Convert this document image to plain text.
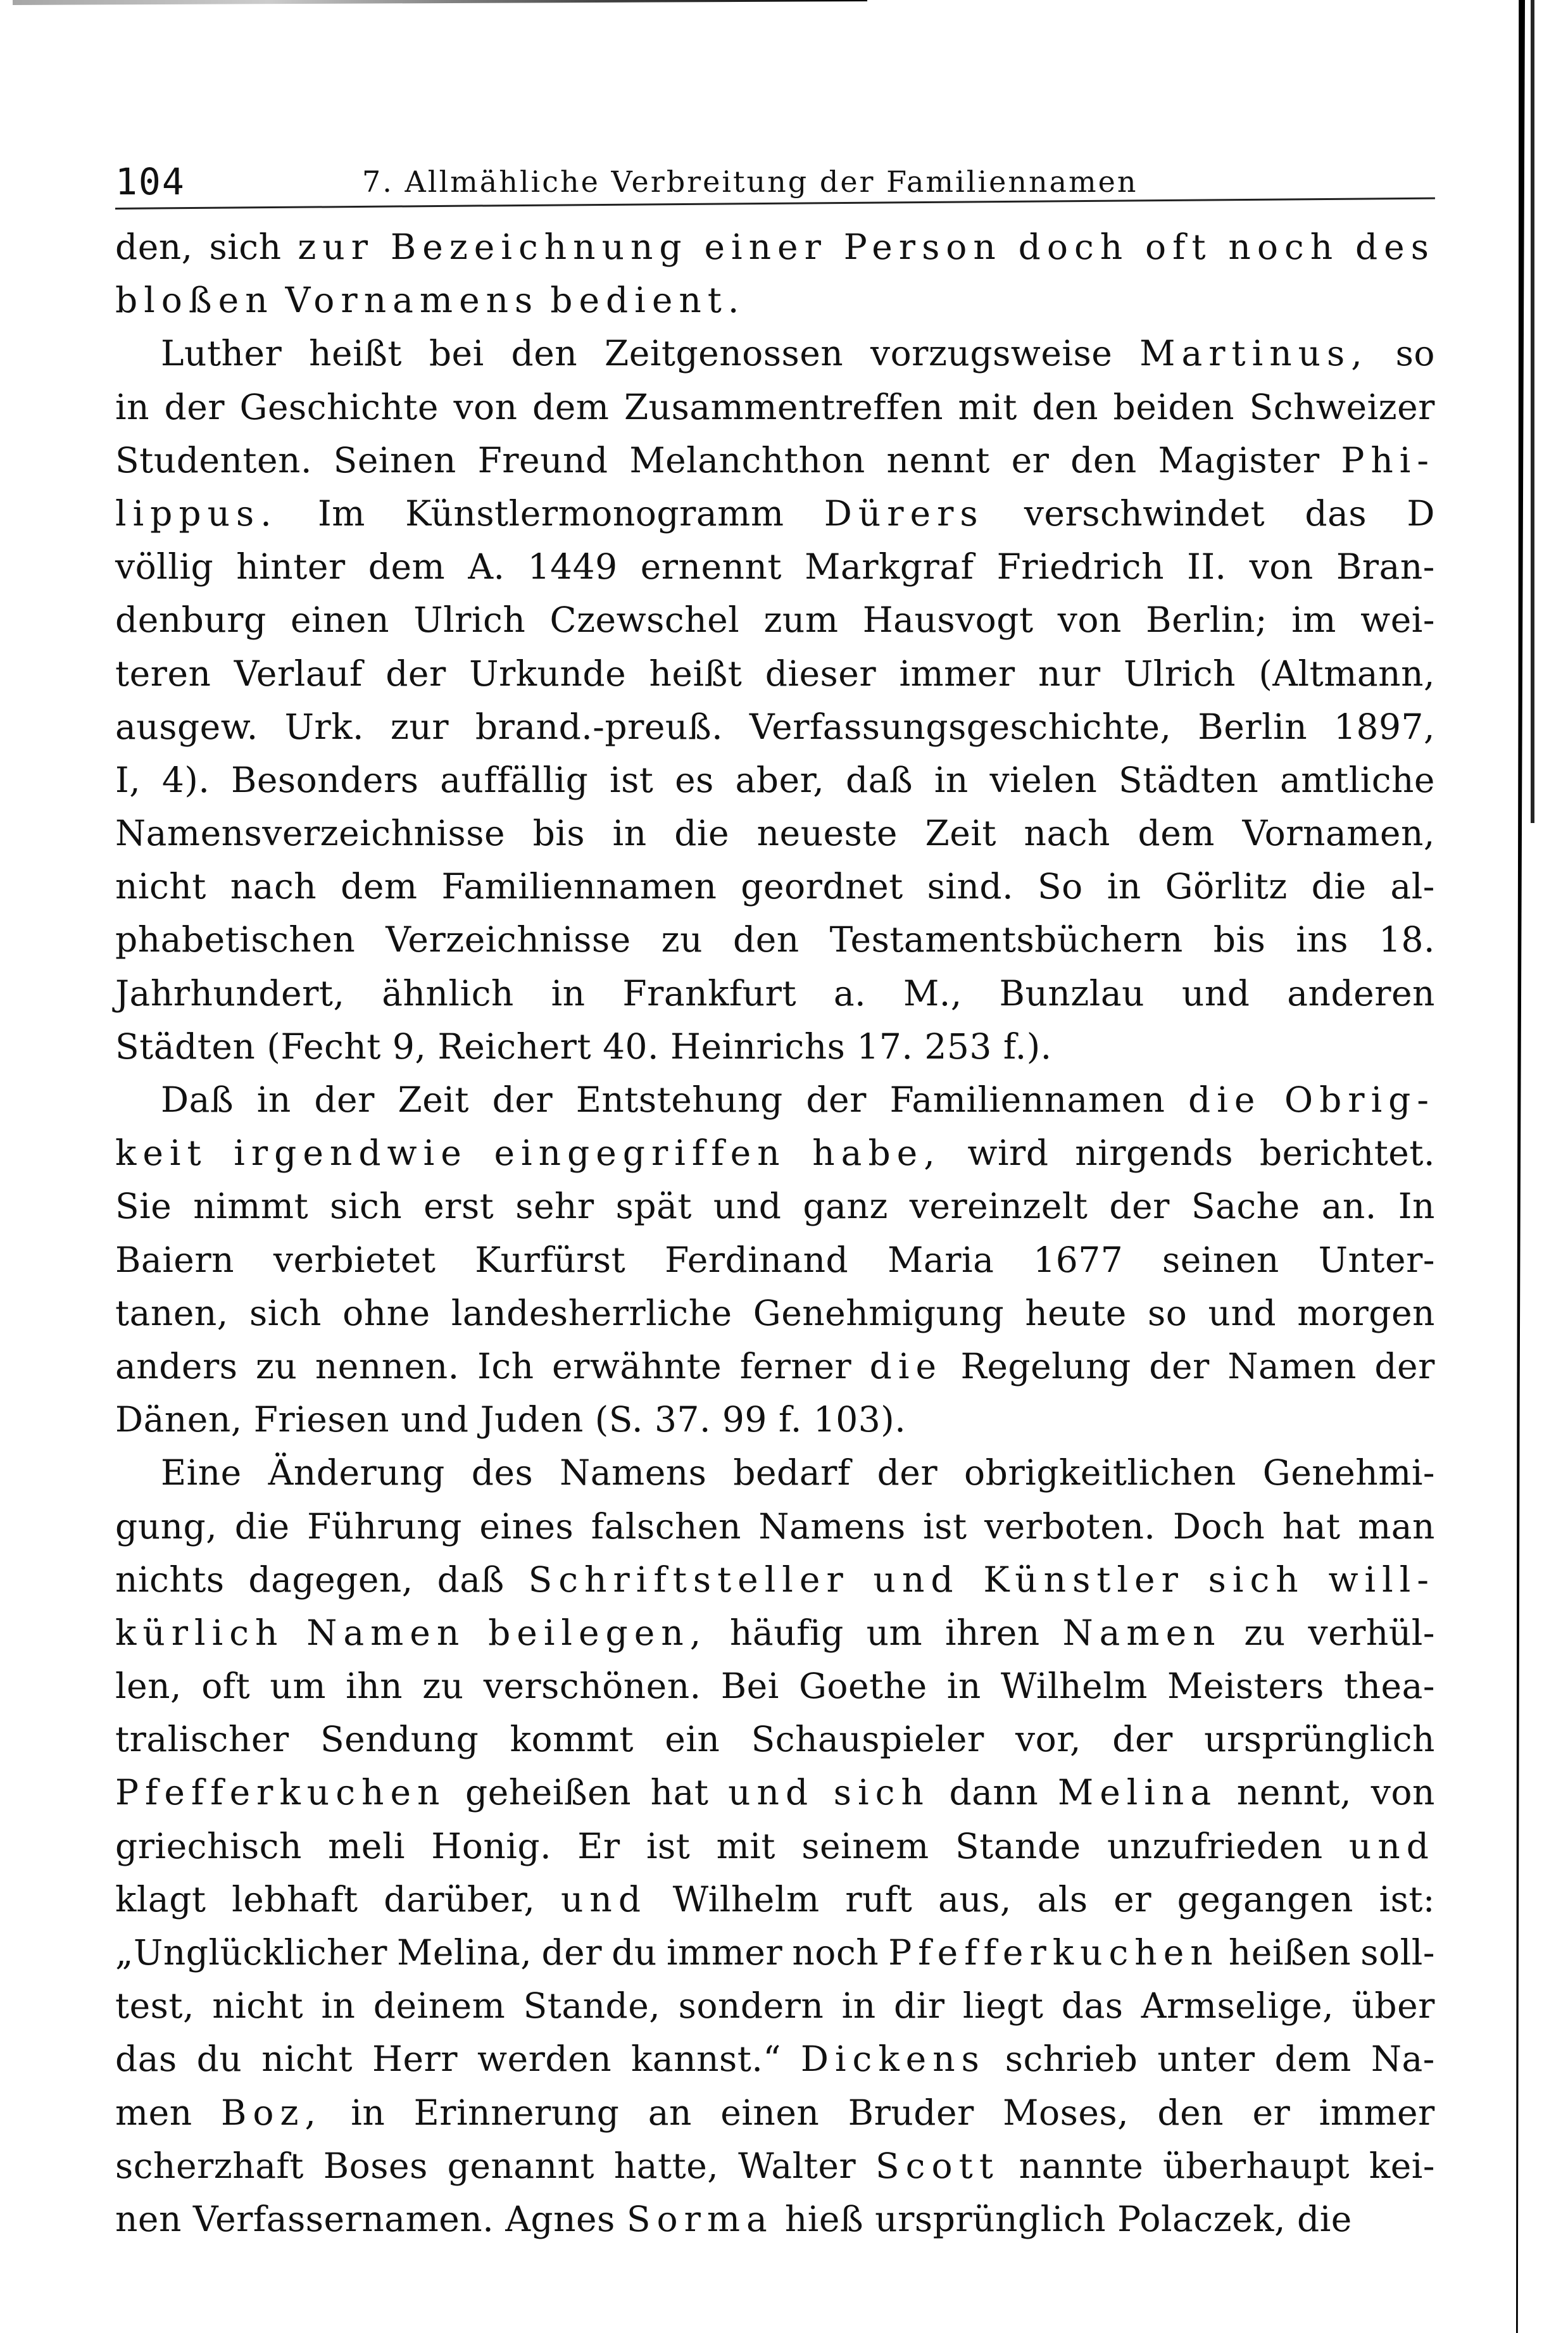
104	7. Allmähliche Verbreitung der Familiennamen
den, sich zur Bezeichnung einer Person doch oft noch des
bloßen Vornamens bedient.
Luther heißt bei den Zeitgenossen vorzugsweise Martinus, so
in der Geschichte von dem Zusammentreffen mit den beiden Schweizer
Studenten. Seinen Freund Melanchthon nennt er den Magister Phi-
lippus. Im Künstlermonogramm Dürers verschwindet das D
völlig hinter dem A. 1449 ernennt Markgraf Friedrich II. von Bran-
denburg einen Ulrich Czewschel zum Hausvogt von Berlin; im wei-
teren Verlauf der Urkunde heißt dieser immer nur Ulrich (Altmann,
ausgew. Urk. zur brand.-preuß. Verfassungsgeschichte, Berlin 1897,
I, 4). Besonders auffällig ist es aber, daß in vielen Städten amtliche
Namensverzeichnisse bis in die neueste Zeit nach dem Vornamen,
nicht nach dem Familiennamen geordnet sind. So in Görlitz die al-
phabetischen Verzeichnisse zu den Testamentsbüchern bis ins 18.
Jahrhundert, ähnlich in Frankfurt a. M., Bunzlau und anderen
Städten (Fecht 9, Reichert 40. Heinrichs 17. 253 f.).
Daß in der Zeit der Entstehung der Familiennamen die Obrig-
keit irgendwie eingegriffen habe, wird nirgends berichtet.
Sie nimmt sich erst sehr spät und ganz vereinzelt der Sache an. In
Baiern verbietet Kurfürst Ferdinand Maria 1677 seinen Unter-
tanen, sich ohne landesherrliche Genehmigung heute so und morgen
anders zu nennen. Ich erwähnte ferner die Regelung der Namen der
Dänen, Friesen und Juden (S. 37. 99 f. 103).
Eine Änderung des Namens bedarf der obrigkeitlichen Genehmi-
gung, die Führung eines falschen Namens ist verboten. Doch hat man
nichts dagegen, daß Schriftsteller und Künstler sich will-
kürlich Namen beilegen, häufig um ihren Namen zu verhül-
len, oft um ihn zu verschönen. Bei Goethe in Wilhelm Meisters thea-
tralischer Sendung kommt ein Schauspieler vor, der ursprünglich
Pfefferkuchen geheißen hat und sich dann Melina nennt, von
griechisch meli Honig. Er ist mit seinem Stande unzufrieden und
klagt lebhaft darüber, und Wilhelm ruft aus, als er gegangen ist:
„Unglücklicher Melina, der du immer noch Pfefferkuchen heißen soll-
test, nicht in deinem Stande, sondern in dir liegt das Armselige, über
das du nicht Herr werden kannst.“ Dickens schrieb unter dem Na-
men Boz, in Erinnerung an einen Bruder Moses, den er immer
scherzhaft Boses genannt hatte, Walter Scott nannte überhaupt kei-
nen Verfassernamen. Agnes Sorma hieß ursprünglich Polaczek, die
